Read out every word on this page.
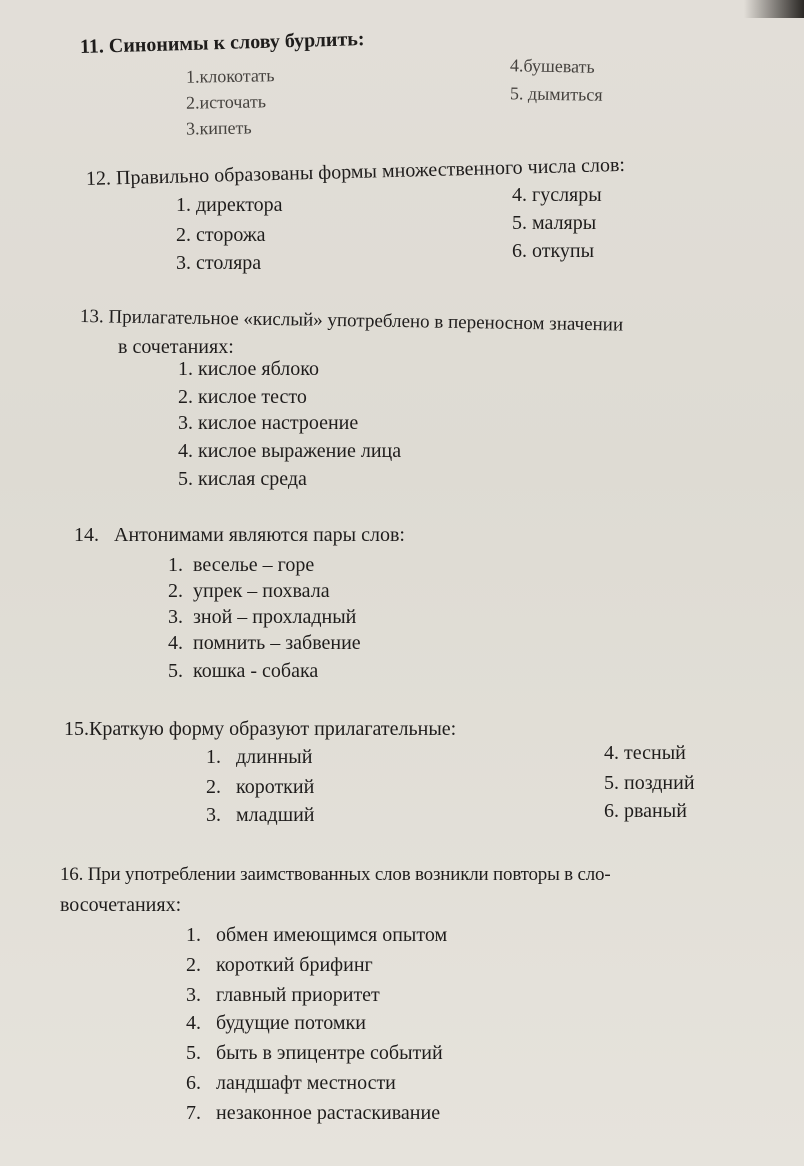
11. Синонимы к слову бурлить:
1.клокотать
2.источать
3.кипеть
4.бушевать
5. дымиться
12. Правильно образованы формы множественного числа слов:
1. директора
2. сторожа
3. столяра
4. гусляры
5. маляры
6. откупы
13. Прилагательное «кислый» употреблено в переносном значении
в сочетаниях:
1. кислое яблоко
2. кислое тесто
3. кислое настроение
4. кислое выражение лица
5. кислая среда
14.   Антонимами являются пары слов:
1.  веселье – горе
2.  упрек – похвала
3.  зной – прохладный
4.  помнить – забвение
5.  кошка - собака
15.Краткую форму образуют прилагательные:
1.   длинный
2.   короткий
3.   младший
4. тесный
5. поздний
6. рваный
16. При употреблении заимствованных слов возникли повторы в сло-
восочетаниях:
1.   обмен имеющимся опытом
2.   короткий брифинг
3.   главный приоритет
4.   будущие потомки
5.   быть в эпицентре событий
6.   ландшафт местности
7.   незаконное растаскивание
